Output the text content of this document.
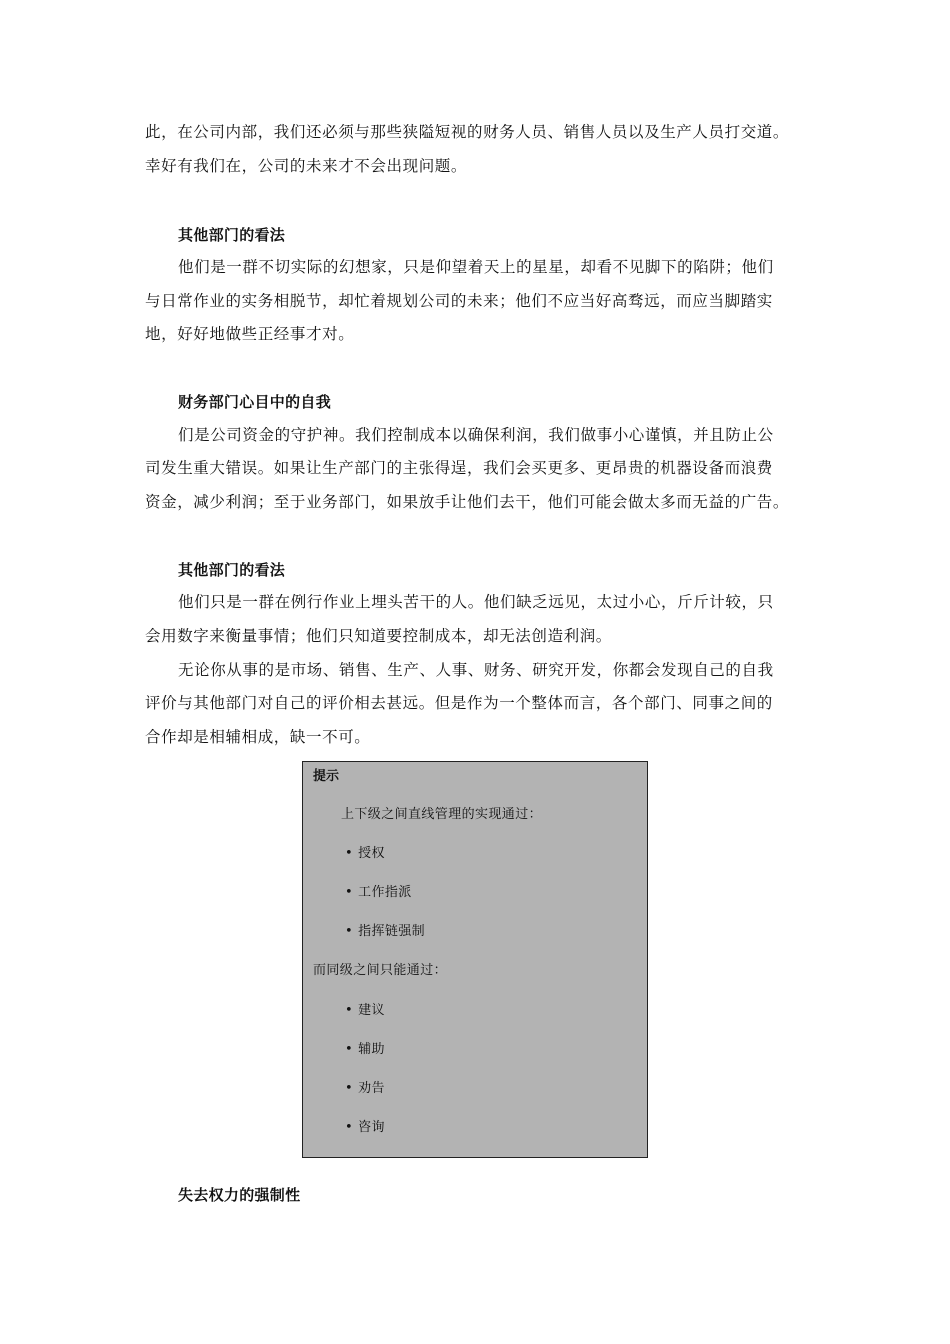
此，在公司内部，我们还必须与那些狭隘短视的财务人员、销售人员以及生产人员打交道。
幸好有我们在，公司的未来才不会出现问题。
其他部门的看法
他们是一群不切实际的幻想家，只是仰望着天上的星星，却看不见脚下的陷阱；他们
与日常作业的实务相脱节，却忙着规划公司的未来；他们不应当好高骛远，而应当脚踏实
地，好好地做些正经事才对。
财务部门心目中的自我
们是公司资金的守护神。我们控制成本以确保利润，我们做事小心谨慎，并且防止公
司发生重大错误。如果让生产部门的主张得逞，我们会买更多、更昂贵的机器设备而浪费
资金，减少利润；至于业务部门，如果放手让他们去干，他们可能会做太多而无益的广告。
其他部门的看法
他们只是一群在例行作业上埋头苦干的人。他们缺乏远见，太过小心，斤斤计较，只
会用数字来衡量事情；他们只知道要控制成本，却无法创造利润。
无论你从事的是市场、销售、生产、人事、财务、研究开发，你都会发现自己的自我
评价与其他部门对自己的评价相去甚远。但是作为一个整体而言，各个部门、同事之间的
合作却是相辅相成，缺一不可。
提示
上下级之间直线管理的实现通过：
• 授权
• 工作指派
• 指挥链强制
而同级之间只能通过：
• 建议
• 辅助
• 劝告
• 咨询
失去权力的强制性
